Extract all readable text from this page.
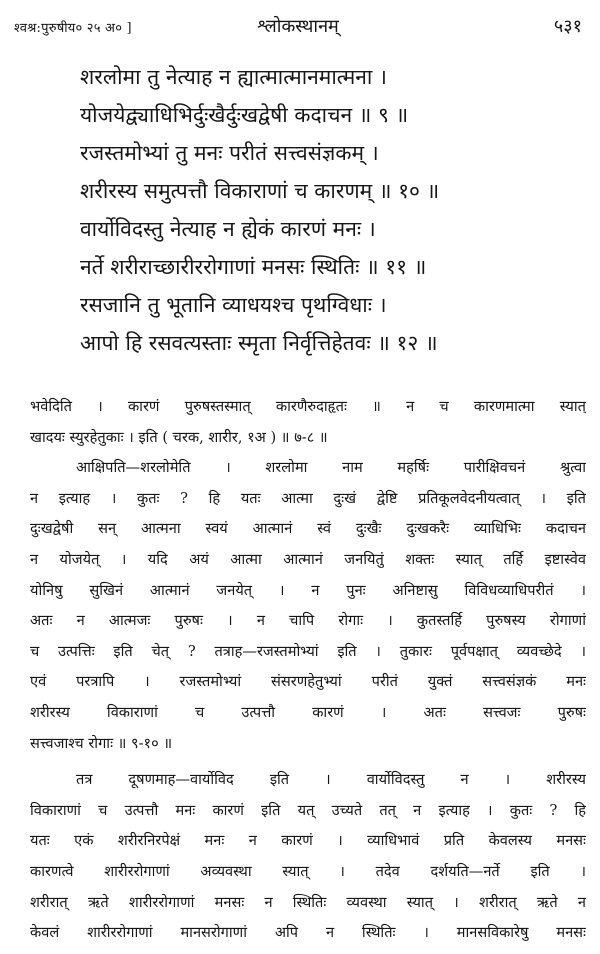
श्वश्र:पुरुषीय० २५ अ० ]	श्लोकस्थानम्	५३१
शरलोमा तु नेत्याह न ह्यात्मात्मानमात्मना ।
योजयेद्व्याधिभिर्दुःखैर्दुःखद्वेषी कदाचन ॥ ९ ॥
रजस्तमोभ्यां तु मनः परीतं सत्त्वसंज्ञकम् ।
शरीरस्य समुत्पत्तौ विकाराणां च कारणम् ॥ १० ॥
वार्योविदस्तु नेत्याह न ह्येकं कारणं मनः ।
नर्ते शरीराच्छारीररोगाणां मनसः स्थितिः ॥ ११ ॥
रसजानि तु भूतानि व्याधयश्च पृथग्विधाः ।
आपो हि रसवत्यस्ताः स्मृता निर्वृत्तिहेतवः ॥ १२ ॥
भवेदिति । कारणं पुरुषस्तस्मात् कारणैरुदाहृतः ॥ न च कारणमात्मा स्यात्
खादयः स्युरहेतुकाः । इति ( चरक, शारीर, १अ ) ॥ ७-८ ॥
आक्षिपति—शरलोमेति । शरलोमा नाम महर्षिः पारीक्षिवचनं श्रुत्वा
न इत्याह । कुतः ? हि यतः आत्मा दुःखं द्वेष्टि प्रतिकूलवेदनीयत्वात् । इति
दुःखद्वेषी सन् आत्मना स्वयं आत्मानं स्वं दुःखैः दुःखकरैः व्याधिभिः कदाचन
न योजयेत् । यदि अयं आत्मा आत्मानं जनयितुं शक्तः स्यात् तर्हि इष्टास्वेव
योनिषु सुखिनं आत्मानं जनयेत् । न पुनः अनिष्टासु विविधव्याधिपरीतं ।
अतः न आत्मजः पुरुषः । न चापि रोगाः । कुतस्तर्हि पुरुषस्य रोगाणां
च उत्पत्तिः इति चेत् ? तत्राह—रजस्तमोभ्यां इति । तुकारः पूर्वपक्षात् व्यवच्छेदे ।
एवं परत्रापि । रजस्तमोभ्यां संसरणहेतुभ्यां परीतं युक्तं सत्त्वसंज्ञकं मनः
शरीरस्य विकाराणां च उत्पत्तौ कारणं । अतः सत्त्वजः पुरुषः
सत्त्वजाश्च रोगाः ॥ ९-१० ॥
तत्र दूषणमाह—वार्योविद इति । वार्योविदस्तु न । शरीरस्य
विकाराणां च उत्पत्तौ मनः कारणं इति यत् उच्यते तत् न इत्याह । कुतः ? हि
यतः एकं शरीरनिरपेक्षं मनः न कारणं । व्याधिभावं प्रति केवलस्य मनसः
कारणत्वे शारीररोगाणां अव्यवस्था स्यात् । तदेव दर्शयति—नर्ते इति ।
शरीरात् ऋते शारीररोगाणां मनसः न स्थितिः व्यवस्था स्यात् । शरीरात् ऋते न
केवलं शारीररोगाणां मानसरोगाणां अपि न स्थितिः । मानसविकारेषु मनसः
